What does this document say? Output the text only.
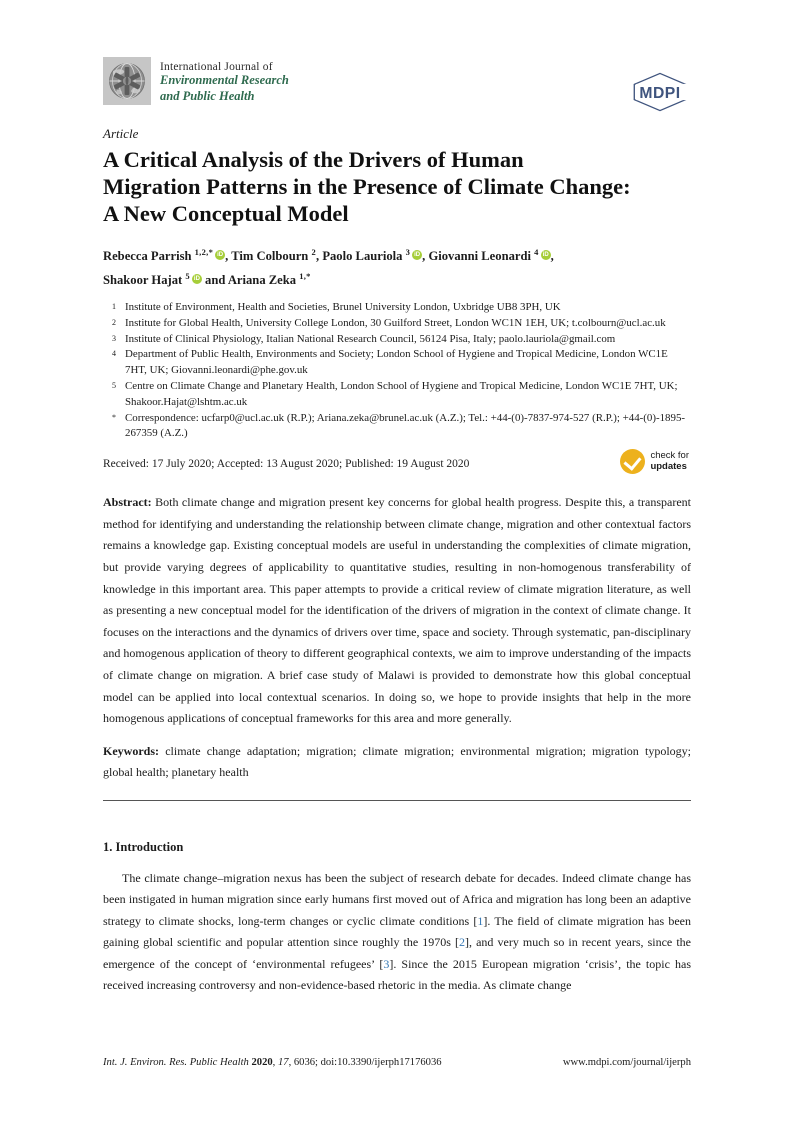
International Journal of
Environmental Research
and Public Health	MDPI
Article
A Critical Analysis of the Drivers of Human
Migration Patterns in the Presence of Climate Change:
A New Conceptual Model
Rebecca Parrish $^{1,2,*}$ iD , Tim Colbourn $^2$, Paolo Lauriola $^3$ iD , Giovanni Leonardi $^4$ iD ,
Shakoor Hajat $^5$ iD and Ariana Zeka $^{1,*}$
1 Institute of Environment, Health and Societies, Brunel University London, Uxbridge UB8 3PH, UK
2 Institute for Global Health, University College London, 30 Guilford Street, London WC1N 1EH, UK; t.colbourn@ucl.ac.uk
3 Institute of Clinical Physiology, Italian National Research Council, 56124 Pisa, Italy; paolo.lauriola@gmail.com
4 Department of Public Health, Environments and Society; London School of Hygiene and Tropical Medicine, London WC1E 7HT, UK; Giovanni.leonardi@phe.gov.uk
5 Centre on Climate Change and Planetary Health, London School of Hygiene and Tropical Medicine, London WC1E 7HT, UK; Shakoor.Hajat@lshtm.ac.uk
* Correspondence: ucfarp0@ucl.ac.uk (R.P.); Ariana.zeka@brunel.ac.uk (A.Z.); Tel.: +44-(0)-7837-974-527 (R.P.); +44-(0)-1895-267359 (A.Z.)
Received: 17 July 2020; Accepted: 13 August 2020; Published: 19 August 2020
check for
updates

Abstract: Both climate change and migration present key concerns for global health progress. Despite this, a transparent method for identifying and understanding the relationship between climate change, migration and other contextual factors remains a knowledge gap. Existing conceptual models are useful in understanding the complexities of climate migration, but provide varying degrees of applicability to quantitative studies, resulting in non-homogenous transferability of knowledge in this important area. This paper attempts to provide a critical review of climate migration literature, as well as presenting a new conceptual model for the identification of the drivers of migration in the context of climate change. It focuses on the interactions and the dynamics of drivers over time, space and society. Through systematic, pan-disciplinary and homogenous application of theory to different geographical contexts, we aim to improve understanding of the impacts of climate change on migration. A brief case study of Malawi is provided to demonstrate how this global conceptual model can be applied into local contextual scenarios. In doing so, we hope to provide insights that help in the more homogenous applications of conceptual frameworks for this area and more generally.

Keywords: climate change adaptation; migration; climate migration; environmental migration; migration typology; global health; planetary health

1. Introduction

The climate change–migration nexus has been the subject of research debate for decades. Indeed climate change has been instigated in human migration since early humans first moved out of Africa and migration has long been an adaptive strategy to climate shocks, long-term changes or cyclic climate conditions [1]. The field of climate migration has been gaining global scientific and popular attention since roughly the 1970s [2], and very much so in recent years, since the emergence of the concept of ‘environmental refugees’ [3]. Since the 2015 European migration ‘crisis’, the topic has received increasing controversy and non-evidence-based rhetoric in the media. As climate change

Int. J. Environ. Res. Public Health 2020, 17, 6036; doi:10.3390/ijerph17176036	www.mdpi.com/journal/ijerph
